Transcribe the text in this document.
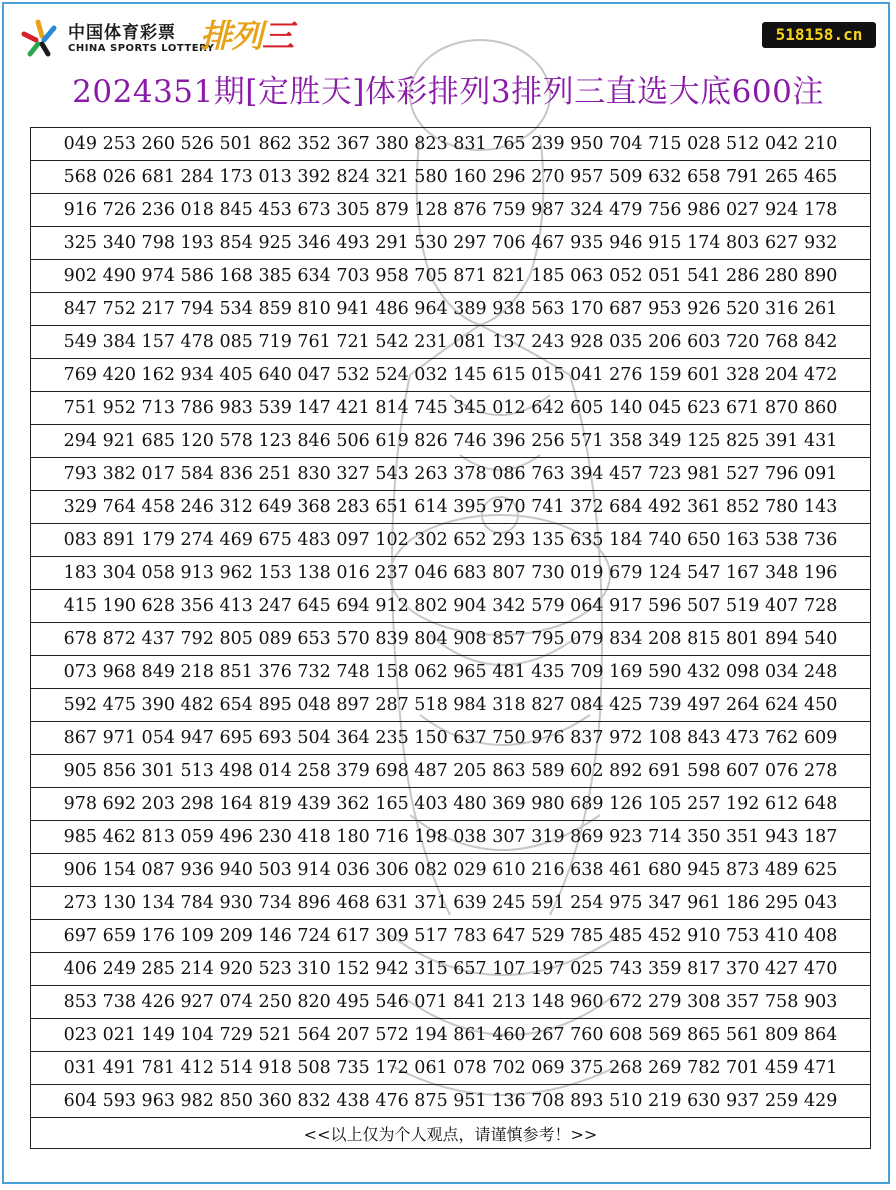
中国体育彩票
CHINA SPORTS LOTTERY
排列三	518158.cn
2024351期[定胜天]体彩排列3排列三直选大底600注
049 253 260 526 501 862 352 367 380 823 831 765 239 950 704 715 028 512 042 210
568 026 681 284 173 013 392 824 321 580 160 296 270 957 509 632 658 791 265 465
916 726 236 018 845 453 673 305 879 128 876 759 987 324 479 756 986 027 924 178
325 340 798 193 854 925 346 493 291 530 297 706 467 935 946 915 174 803 627 932
902 490 974 586 168 385 634 703 958 705 871 821 185 063 052 051 541 286 280 890
847 752 217 794 534 859 810 941 486 964 389 938 563 170 687 953 926 520 316 261
549 384 157 478 085 719 761 721 542 231 081 137 243 928 035 206 603 720 768 842
769 420 162 934 405 640 047 532 524 032 145 615 015 041 276 159 601 328 204 472
751 952 713 786 983 539 147 421 814 745 345 012 642 605 140 045 623 671 870 860
294 921 685 120 578 123 846 506 619 826 746 396 256 571 358 349 125 825 391 431
793 382 017 584 836 251 830 327 543 263 378 086 763 394 457 723 981 527 796 091
329 764 458 246 312 649 368 283 651 614 395 970 741 372 684 492 361 852 780 143
083 891 179 274 469 675 483 097 102 302 652 293 135 635 184 740 650 163 538 736
183 304 058 913 962 153 138 016 237 046 683 807 730 019 679 124 547 167 348 196
415 190 628 356 413 247 645 694 912 802 904 342 579 064 917 596 507 519 407 728
678 872 437 792 805 089 653 570 839 804 908 857 795 079 834 208 815 801 894 540
073 968 849 218 851 376 732 748 158 062 965 481 435 709 169 590 432 098 034 248
592 475 390 482 654 895 048 897 287 518 984 318 827 084 425 739 497 264 624 450
867 971 054 947 695 693 504 364 235 150 637 750 976 837 972 108 843 473 762 609
905 856 301 513 498 014 258 379 698 487 205 863 589 602 892 691 598 607 076 278
978 692 203 298 164 819 439 362 165 403 480 369 980 689 126 105 257 192 612 648
985 462 813 059 496 230 418 180 716 198 038 307 319 869 923 714 350 351 943 187
906 154 087 936 940 503 914 036 306 082 029 610 216 638 461 680 945 873 489 625
273 130 134 784 930 734 896 468 631 371 639 245 591 254 975 347 961 186 295 043
697 659 176 109 209 146 724 617 309 517 783 647 529 785 485 452 910 753 410 408
406 249 285 214 920 523 310 152 942 315 657 107 197 025 743 359 817 370 427 470
853 738 426 927 074 250 820 495 546 071 841 213 148 960 672 279 308 357 758 903
023 021 149 104 729 521 564 207 572 194 861 460 267 760 608 569 865 561 809 864
031 491 781 412 514 918 508 735 172 061 078 702 069 375 268 269 782 701 459 471
604 593 963 982 850 360 832 438 476 875 951 136 708 893 510 219 630 937 259 429
<<以上仅为个人观点，请谨慎参考！>>
